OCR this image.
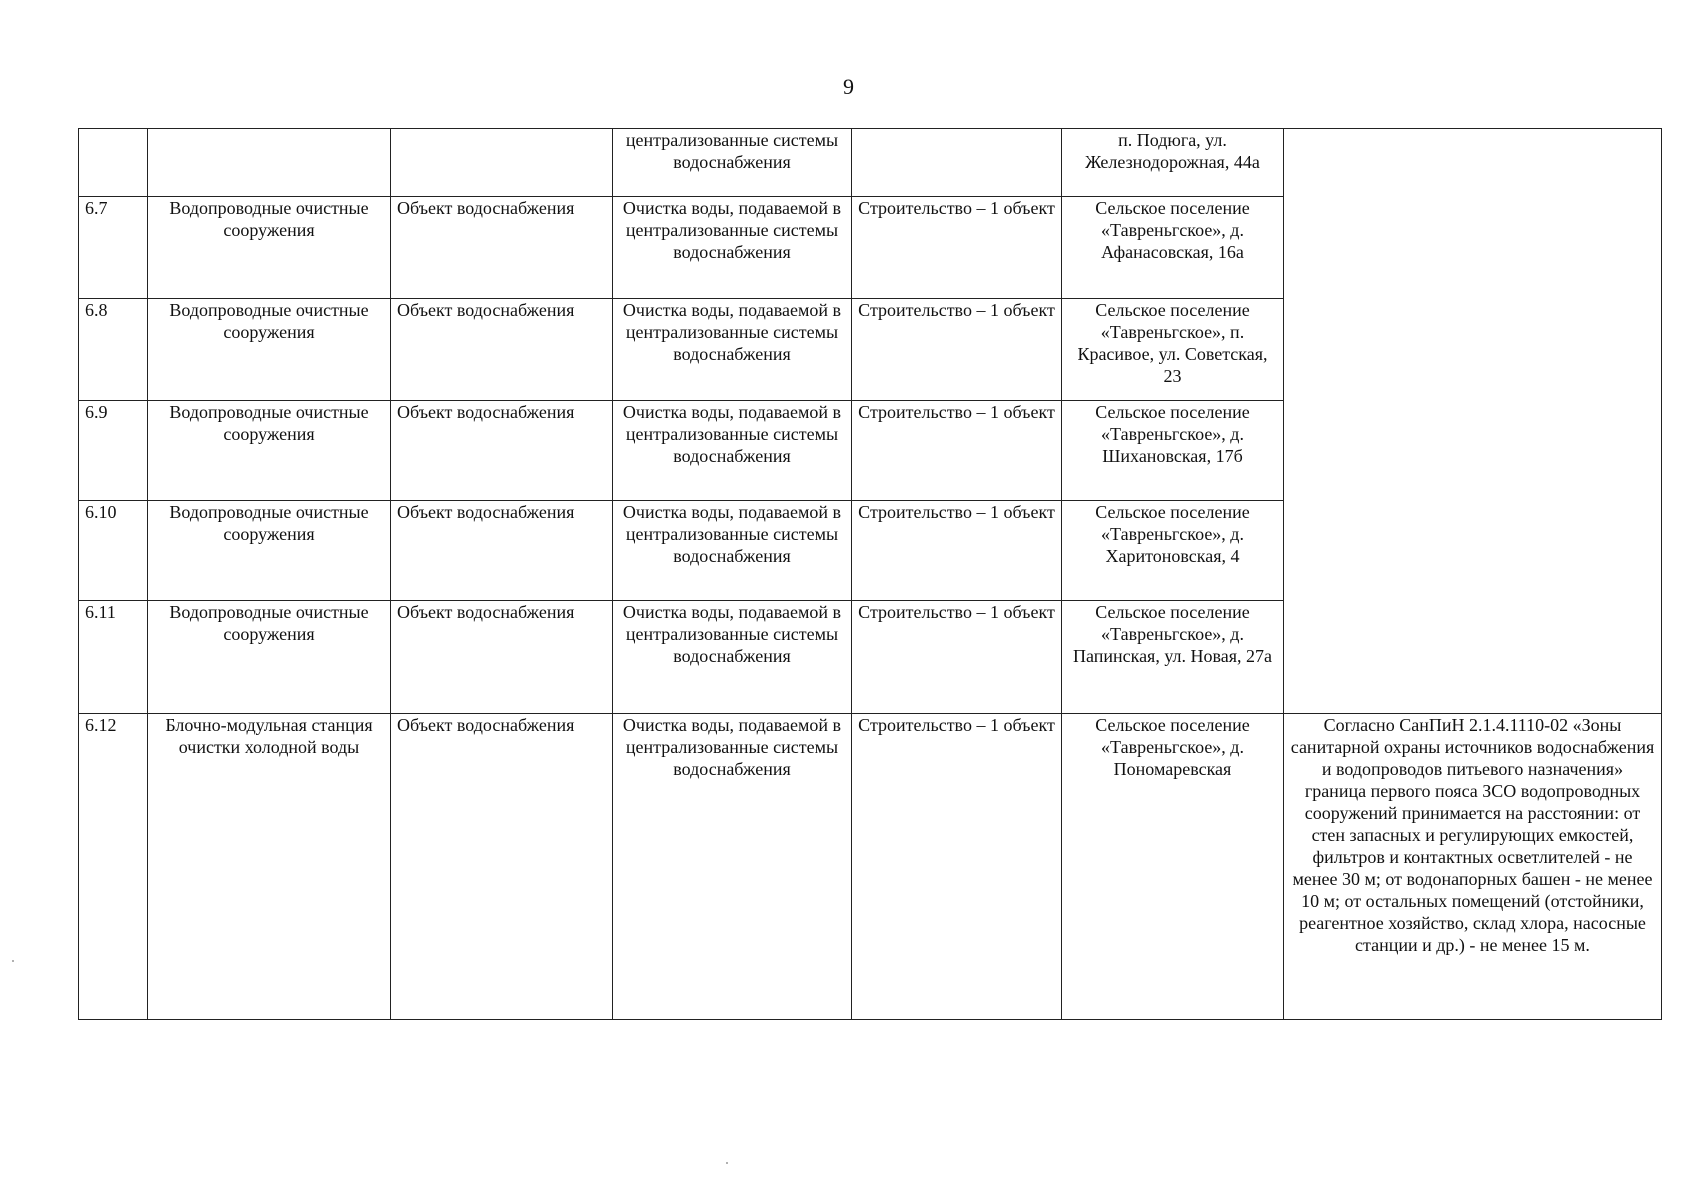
9
			централизованные системы водоснабжения		п. Подюга, ул. Железнодорожная, 44а	
6.7	Водопроводные очистные сооружения	Объект водоснабжения	Очистка воды, подаваемой в централизованные системы водоснабжения	Строительство – 1 объект	Сельское поселение «Тавреньгское», д. Афанасовская, 16а	
6.8	Водопроводные очистные сооружения	Объект водоснабжения	Очистка воды, подаваемой в централизованные системы водоснабжения	Строительство – 1 объект	Сельское поселение «Тавреньгское», п. Красивое, ул. Советская, 23	
6.9	Водопроводные очистные сооружения	Объект водоснабжения	Очистка воды, подаваемой в централизованные системы водоснабжения	Строительство – 1 объект	Сельское поселение «Тавреньгское», д. Шихановская, 17б	
6.10	Водопроводные очистные сооружения	Объект водоснабжения	Очистка воды, подаваемой в централизованные системы водоснабжения	Строительство – 1 объект	Сельское поселение «Тавреньгское», д. Харитоновская, 4	
6.11	Водопроводные очистные сооружения	Объект водоснабжения	Очистка воды, подаваемой в централизованные системы водоснабжения	Строительство – 1 объект	Сельское поселение «Тавреньгское», д. Папинская, ул. Новая, 27а	
6.12	Блочно-модульная станция очистки холодной воды	Объект водоснабжения	Очистка воды, подаваемой в централизованные системы водоснабжения	Строительство – 1 объект	Сельское поселение «Тавреньгское», д. Пономаревская	Согласно СанПиН 2.1.4.1110-02 «Зоны санитарной охраны источников водоснабжения и водопроводов питьевого назначения» граница первого пояса ЗСО водопроводных сооружений принимается на расстоянии: от стен запасных и регулирующих емкостей, фильтров и контактных осветлителей - не менее 30 м; от водонапорных башен - не менее 10 м; от остальных помещений (отстойники, реагентное хозяйство, склад хлора, насосные станции и др.) - не менее 15 м.
